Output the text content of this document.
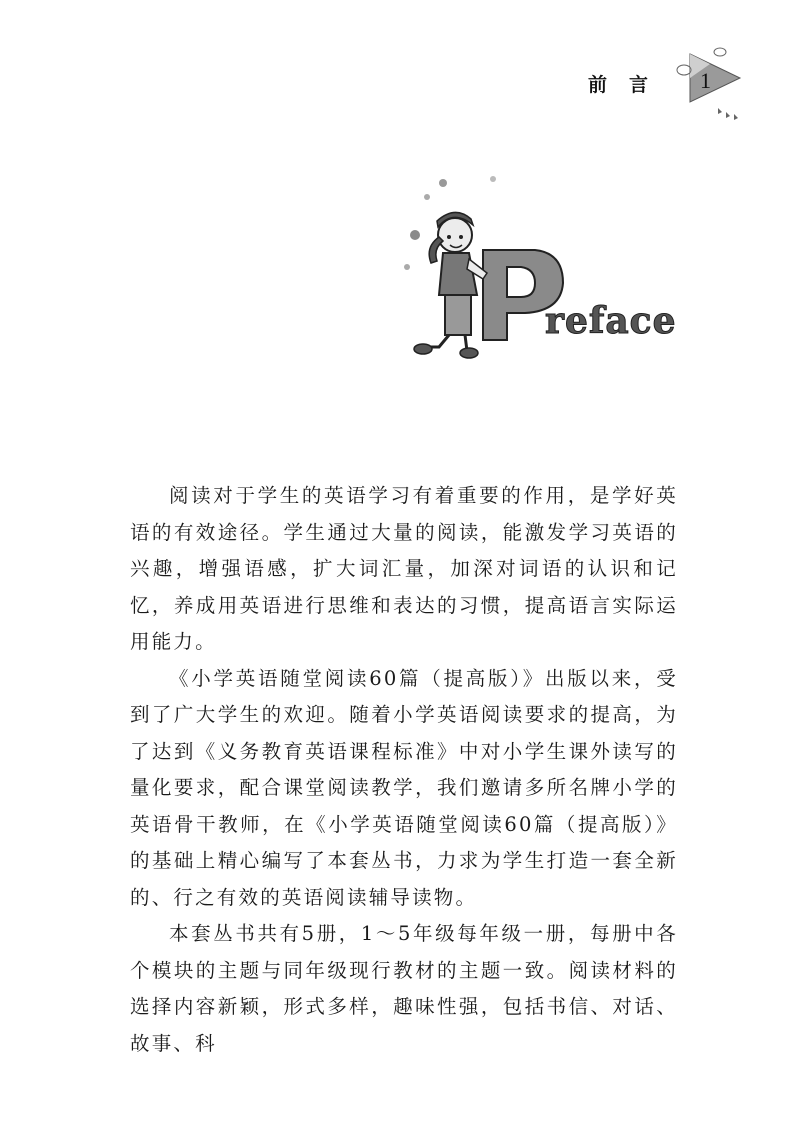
前言 1
reface

阅读对于学生的英语学习有着重要的作用，是学好英语的有效途径。学生通过大量的阅读，能激发学习英语的兴趣，增强语感，扩大词汇量，加深对词语的认识和记忆，养成用英语进行思维和表达的习惯，提高语言实际运用能力。

《小学英语随堂阅读60篇（提高版）》出版以来，受到了广大学生的欢迎。随着小学英语阅读要求的提高，为了达到《义务教育英语课程标准》中对小学生课外读写的量化要求，配合课堂阅读教学，我们邀请多所名牌小学的英语骨干教师，在《小学英语随堂阅读60篇（提高版）》的基础上精心编写了本套丛书，力求为学生打造一套全新的、行之有效的英语阅读辅导读物。

本套丛书共有5册，1～5年级每年级一册，每册中各个模块的主题与同年级现行教材的主题一致。阅读材料的选择内容新颖，形式多样，趣味性强，包括书信、对话、故事、科
